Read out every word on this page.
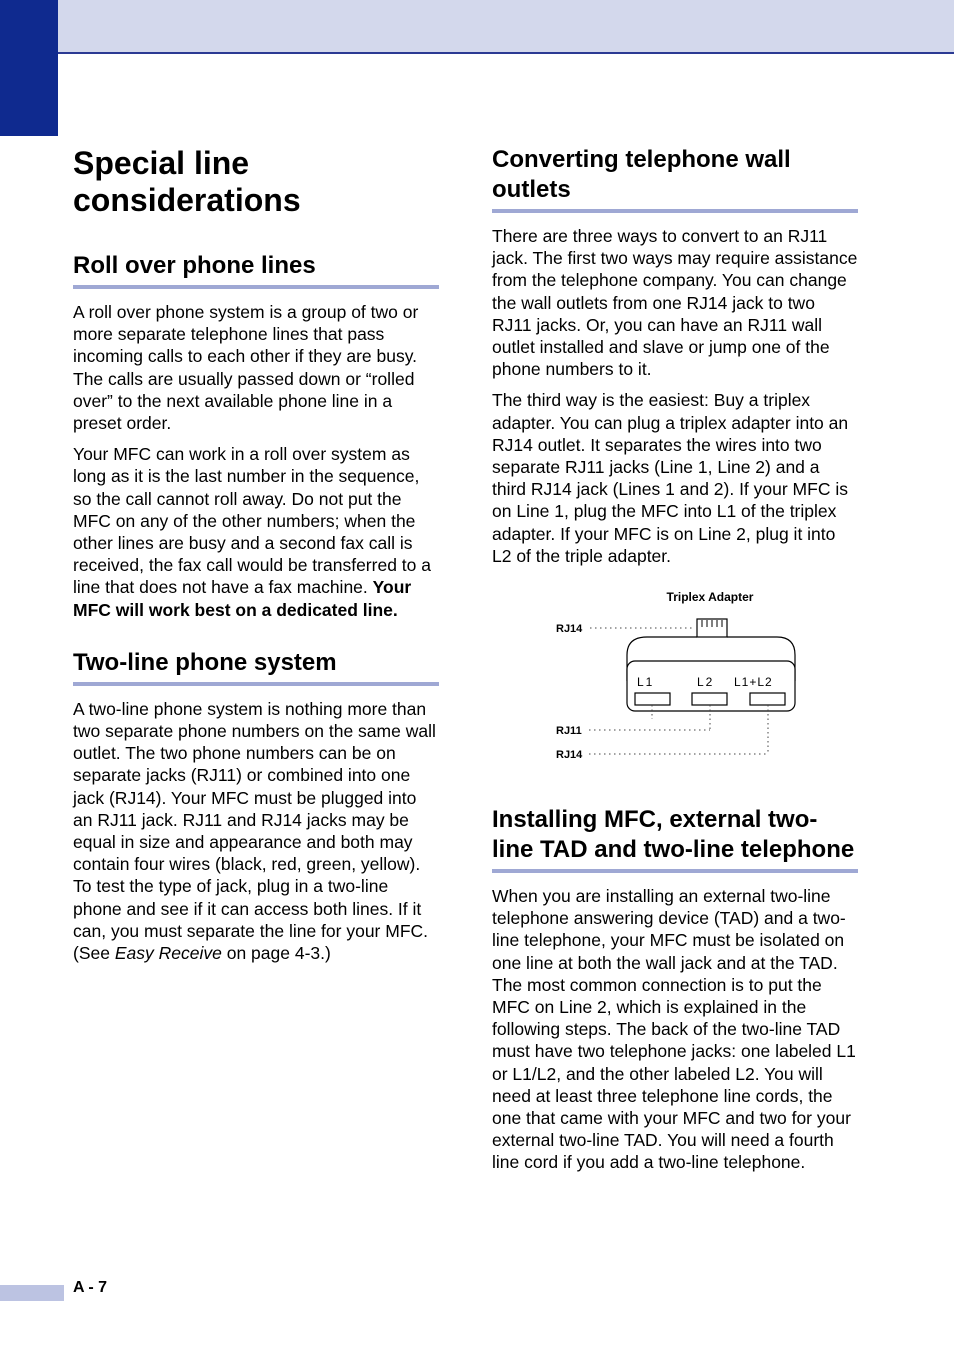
Special line considerations
Roll over phone lines

A roll over phone system is a group of two or more separate telephone lines that pass incoming calls to each other if they are busy. The calls are usually passed down or “rolled over” to the next available phone line in a preset order.

Your MFC can work in a roll over system as long as it is the last number in the sequence, so the call cannot roll away. Do not put the MFC on any of the other numbers; when the other lines are busy and a second fax call is received, the fax call would be transferred to a line that does not have a fax machine. Your MFC will work best on a dedicated line.

Two-line phone system

A two-line phone system is nothing more than two separate phone numbers on the same wall outlet. The two phone numbers can be on separate jacks (RJ11) or combined into one jack (RJ14). Your MFC must be plugged into an RJ11 jack. RJ11 and RJ14 jacks may be equal in size and appearance and both may contain four wires (black, red, green, yellow). To test the type of jack, plug in a two-line phone and see if it can access both lines. If it can, you must separate the line for your MFC. (See Easy Receive on page 4-3.)

Converting telephone wall outlets

There are three ways to convert to an RJ11 jack. The first two ways may require assistance from the telephone company. You can change the wall outlets from one RJ14 jack to two RJ11 jacks. Or, you can have an RJ11 wall outlet installed and slave or jump one of the phone numbers to it.

The third way is the easiest: Buy a triplex adapter. You can plug a triplex adapter into an RJ14 outlet. It separates the wires into two separate RJ11 jacks (Line 1, Line 2) and a third RJ14 jack (Lines 1 and 2). If your MFC is on Line 1, plug the MFC into L1 of the triplex adapter. If your MFC is on Line 2, plug it into L2 of the triple adapter.

Triplex Adapter
RJ14
L1	L2 L1+L2
RJ11
RJ14
Installing MFC, external two-line TAD and two-line telephone

When you are installing an external two-line telephone answering device (TAD) and a two-line telephone, your MFC must be isolated on one line at both the wall jack and at the TAD. The most common connection is to put the MFC on Line 2, which is explained in the following steps. The back of the two-line TAD must have two telephone jacks: one labeled L1 or L1/L2, and the other labeled L2. You will need at least three telephone line cords, the one that came with your MFC and two for your external two-line TAD. You will need a fourth line cord if you add a two-line telephone.

A - 7
